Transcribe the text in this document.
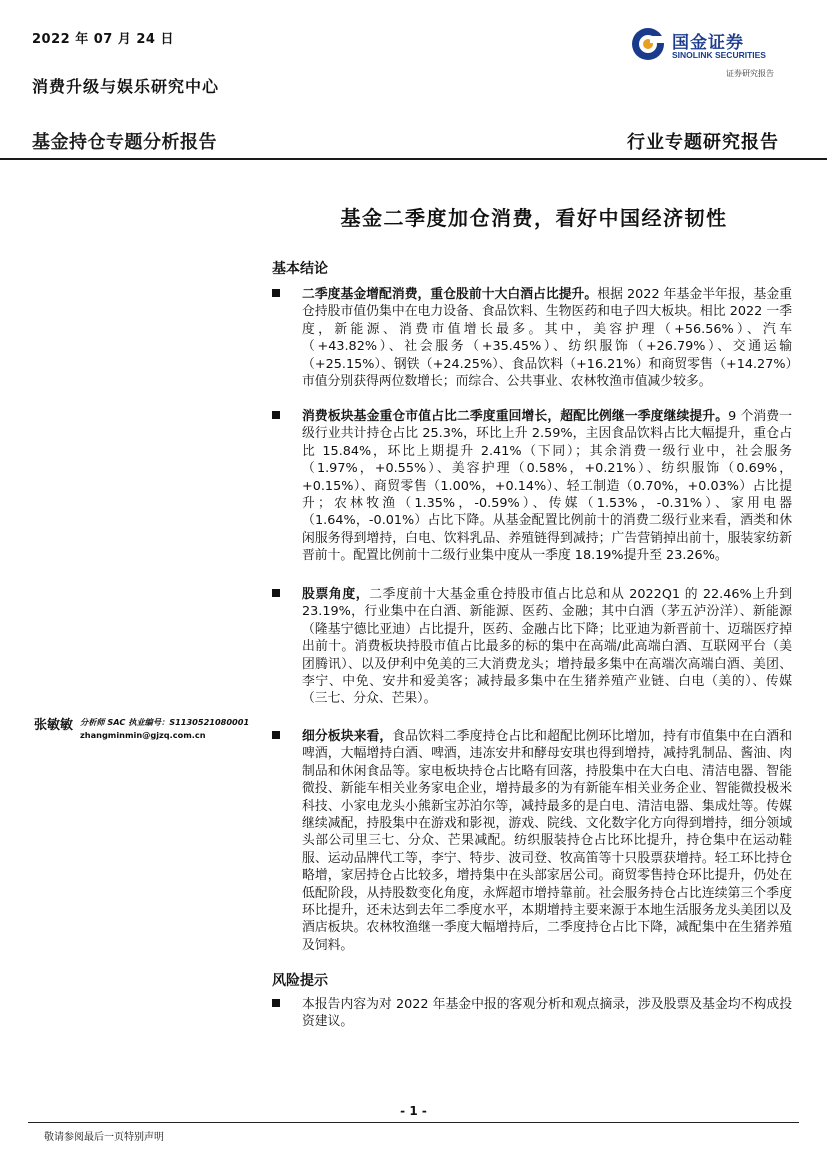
2022 年 07 月 24 日
消费升级与娱乐研究中心
基金持仓专题分析报告	行业专题研究报告
国金证券
SINOLINK SECURITIES
证券研究报告
基金二季度加仓消费，看好中国经济韧性
基本结论
二季度基金增配消费，重仓股前十大白酒占比提升。根据 2022 年基金半年报，基金重仓持股市值仍集中在电力设备、食品饮料、生物医药和电子四大板块。相比 2022 一季度，新能源、消费市值增长最多。其中，美容护理（+56.56%）、汽车（+43.82%）、社会服务（+35.45%）、纺织服饰（+26.79%）、交通运输（+25.15%）、钢铁（+24.25%）、食品饮料（+16.21%）和商贸零售（+14.27%）市值分别获得两位数增长；而综合、公共事业、农林牧渔市值减少较多。
消费板块基金重仓市值占比二季度重回增长，超配比例继一季度继续提升。9 个消费一级行业共计持仓占比 25.3%，环比上升 2.59%，主因食品饮料占比大幅提升，重仓占比 15.84%，环比上期提升 2.41%（下同）；其余消费一级行业中，社会服务（1.97%，+0.55%）、美容护理（0.58%，+0.21%）、纺织服饰（0.69%，+0.15%）、商贸零售（1.00%，+0.14%）、轻工制造（0.70%，+0.03%）占比提升；农林牧渔（1.35%，-0.59%）、传媒（1.53%，-0.31%）、家用电器（1.64%，-0.01%）占比下降。从基金配置比例前十的消费二级行业来看，酒类和休闲服务得到增持，白电、饮料乳品、养殖链得到减持；广告营销掉出前十，服装家纺新晋前十。配置比例前十二级行业集中度从一季度 18.19%提升至 23.26%。
股票角度，二季度前十大基金重仓持股市值占比总和从 2022Q1 的 22.46%上升到 23.19%，行业集中在白酒、新能源、医药、金融；其中白酒（茅五泸汾洋）、新能源（隆基宁德比亚迪）占比提升，医药、金融占比下降；比亚迪为新晋前十、迈瑞医疗掉出前十。消费板块持股市值占比最多的标的集中在高端/此高端白酒、互联网平台（美团腾讯）、以及伊利中免美的三大消费龙头；增持最多集中在高端次高端白酒、美团、李宁、中免、安井和爱美客；减持最多集中在生猪养殖产业链、白电（美的）、传媒（三七、分众、芒果）。
细分板块来看，食品饮料二季度持仓占比和超配比例环比增加，持有市值集中在白酒和啤酒，大幅增持白酒、啤酒，违冻安井和酵母安琪也得到增持，减持乳制品、酱油、肉制品和休闲食品等。家电板块持仓占比略有回落，持股集中在大白电、清洁电器、智能微投、新能车相关业务家电企业，增持最多的为有新能车相关业务企业、智能微投极米科技、小家电龙头小熊新宝苏泊尔等，减持最多的是白电、清洁电器、集成灶等。传媒继续减配，持股集中在游戏和影视，游戏、院线、文化数字化方向得到增持，细分领域头部公司里三七、分众、芒果减配。纺织服装持仓占比环比提升，持仓集中在运动鞋服、运动品牌代工等，李宁、特步、波司登、牧高笛等十只股票获增持。轻工环比持仓略增，家居持仓占比较多，增持集中在头部家居公司。商贸零售持仓环比提升，仍处在低配阶段，从持股数变化角度，永辉超市增持靠前。社会服务持仓占比连续第三个季度环比提升，还未达到去年二季度水平，本期增持主要来源于本地生活服务龙头美团以及酒店板块。农林牧渔继一季度大幅增持后，二季度持仓占比下降，减配集中在生猪养殖及饲料。
风险提示
本报告内容为对 2022 年基金中报的客观分析和观点摘录，涉及股票及基金均不构成投资建议。
张敏敏 分析师 SAC 执业编号：S1130521080001
zhangminmin@gjzq.com.cn
- 1 -
敬请参阅最后一页特别声明
